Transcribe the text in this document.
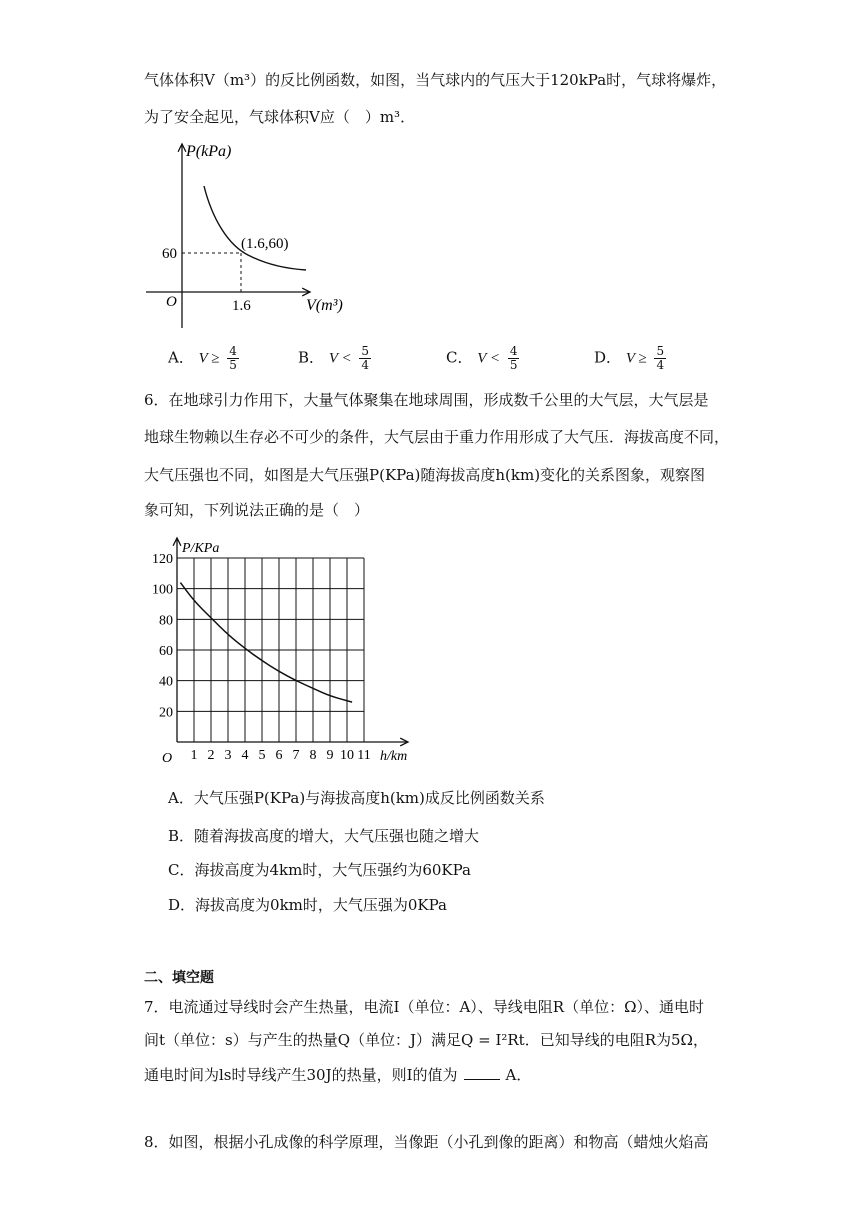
气体体积V（m³）的反比例函数，如图，当气球内的气压大于120kPa时，气球将爆炸，
为了安全起见，气球体积V应（　）m³．
P(kPa)
V(m³)
O
60
1.6
(1.6,60)
A． $V \ge \frac{4}{5}$	B． $V < \frac{5}{4}$	C． $V < \frac{4}{5}$	D． $V \ge \frac{5}{4}$
6．在地球引力作用下，大量气体聚集在地球周围，形成数千公里的大气层，大气层是
地球生物赖以生存必不可少的条件，大气层由于重力作用形成了大气压．海拔高度不同，
大气压强也不同，如图是大气压强P(KPa)随海拔高度h(km)变化的关系图象，观察图
象可知，下列说法正确的是（　）
P/KPa
h/km
O 1 2 3 4 5 6 7 8 9 10 11
20
40
60
80
100
120
A．大气压强P(KPa)与海拔高度h(km)成反比例函数关系
B．随着海拔高度的增大，大气压强也随之增大
C．海拔高度为4km时，大气压强约为60KPa
D．海拔高度为0km时，大气压强为0KPa
二、填空题
7．电流通过导线时会产生热量，电流I（单位：A）、导线电阻R（单位：Ω）、通电时
间t（单位：s）与产生的热量Q（单位：J）满足Q = I²Rt．已知导线的电阻R为5Ω，
通电时间为ls时导线产生30J的热量，则I的值为	A．
8．如图，根据小孔成像的科学原理，当像距（小孔到像的距离）和物高（蜡烛火焰高
